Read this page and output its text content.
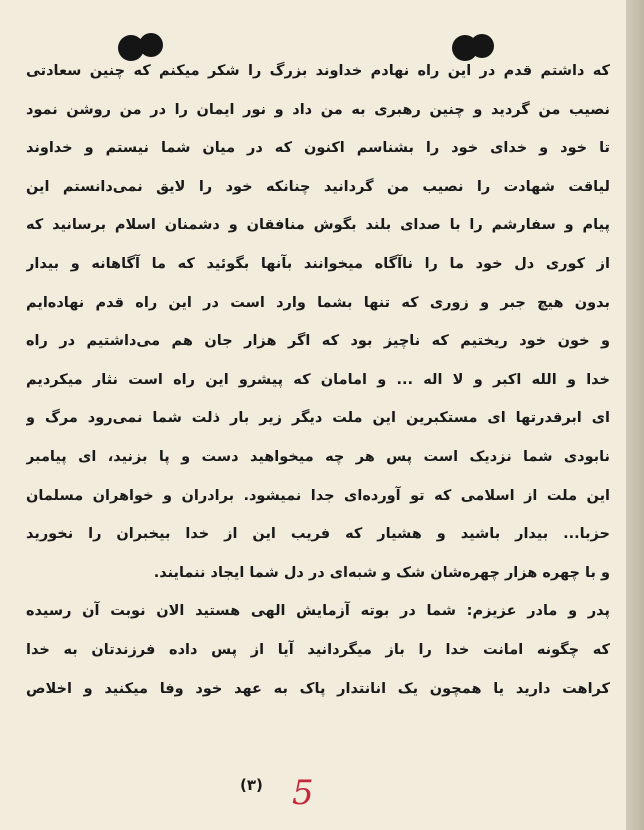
که داشتم قدم در این راه نهادم خداوند بزرگ را شکر میکنم که چنین سعادتی
نصیب من گردید و چنین رهبری به من داد و نور ایمان را در من روشن نمود
تا خود و خدای خود را بشناسم اکنون که در میان شما نیستم و خداوند
لیاقت شهادت را نصیب من گردانید چنانکه خود را لایق نمی‌دانستم این
پیام و سفارشم را با صدای بلند بگوش منافقان و دشمنان اسلام برسانید که
از کوری دل خود ما را ناآگاه میخوانند بآنها بگوئید که ما آگاهانه و بیدار
بدون هیچ جبر و زوری که تنها بشما وارد است در این راه قدم نهاده‌ایم
و خون خود ریختیم که ناچیز بود که اگر هزار جان هم می‌داشتیم در راه
خدا و الله اکبر و لا اله ... و امامان که پیشرو این راه است نثار میکردیم
ای ابرقدرتها ای مستکبرین این ملت دیگر زیر بار ذلت شما نمی‌رود مرگ و
نابودی شما نزدیک است پس هر چه میخواهید دست و پا بزنید، ای پیامبر
این ملت از اسلامی که تو آورده‌ای جدا نمیشود. برادران و خواهران مسلمان
حزبا... بیدار باشید و هشیار که فریب این از خدا بیخبران را نخورید
و با چهره هزار چهره‌شان شک و شبه‌ای در دل شما ایجاد ننمایند.
پدر و مادر عزیزم: شما در بوته آزمایش الهی هستید الان نوبت آن رسیده
که چگونه امانت خدا را باز میگردانید آیا از پس داده فرزندتان به خدا
کراهت دارید یا همچون یک انانتدار پاک به عهد خود وفا میکنید و اخلاص
(٣) 5
